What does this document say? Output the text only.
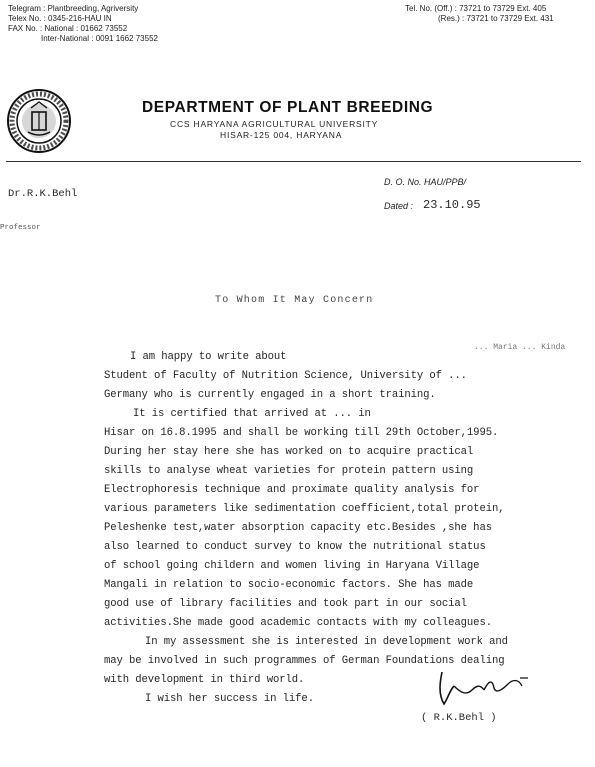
Telegram : Plantbreeding, Agriversity
Telex No. : 0345-216-HAU IN
FAX No. : National : 01662 73552
Inter-National : 0091 1662 73552
Tel. No. (Off.) : 73721 to 73729 Ext. 405
(Res.) : 73721 to 73729 Ext. 431
DEPARTMENT OF PLANT BREEDING
CCS HARYANA AGRICULTURAL UNIVERSITY
HISAR-125 004, HARYANA
Dr.R.K.Behl
Professor
D. O. No. HAU/PPB/
Dated : 23.10.95
To Whom It May Concern
... Maria ... Kinda
I am happy to write about
Student of Faculty of Nutrition Science, University of ...
Germany who is currently engaged in a short training.
It is certified that arrived at ... in
Hisar on 16.8.1995 and shall be working till 29th October,1995.
During her stay here she has worked on to acquire practical
skills to analyse wheat varieties for protein pattern using
Electrophoresis technique and proximate quality analysis for
various parameters like sedimentation coefficient,total protein,
Peleshenke test,water absorption capacity etc.Besides ,she has
also learned to conduct survey to know the nutritional status
of school going childern and women living in Haryana Village
Mangali in relation to socio-economic factors. She has made
good use of library facilities and took part in our social
activities.She made good academic contacts with my colleagues.
In my assessment she is interested in development work and
may be involved in such programmes of German Foundations dealing
with development in third world.
I wish her success in life.
( R.K.Behl )
